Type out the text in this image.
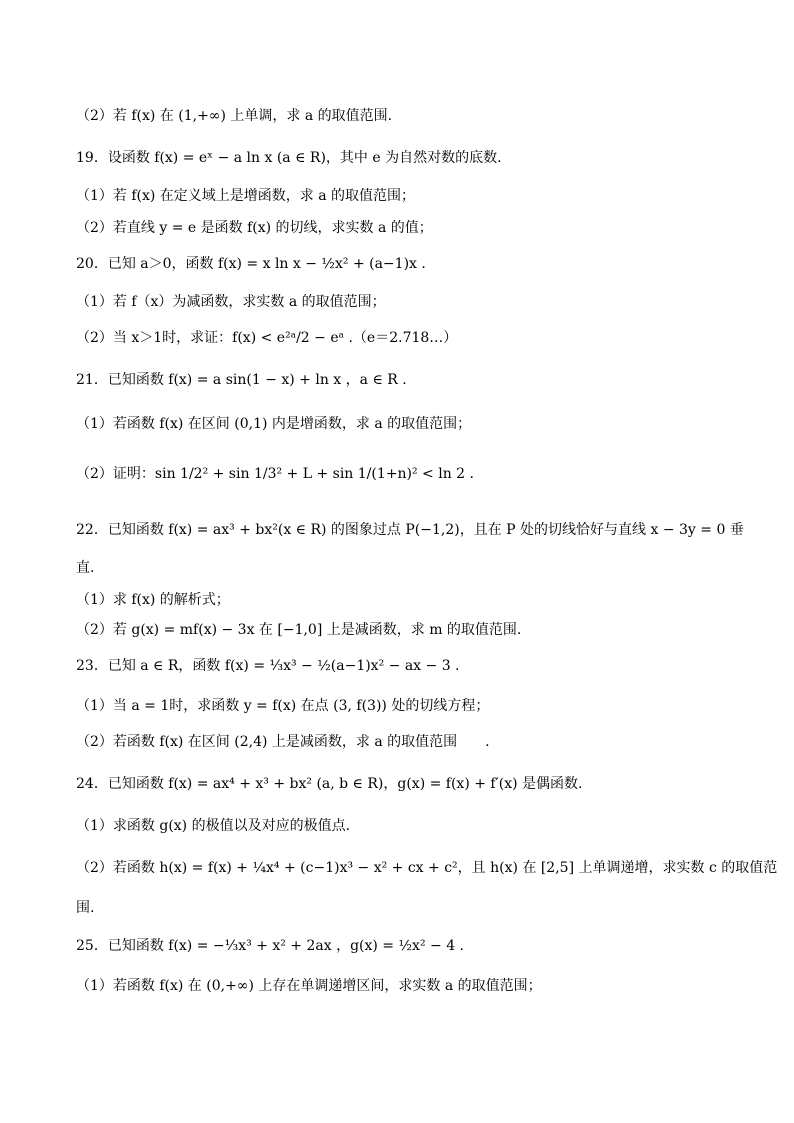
（2）若 f(x) 在 (1,+∞) 上单调，求 a 的取值范围.
19．设函数 f(x) = eˣ − a ln x (a ∈ R)，其中 e 为自然对数的底数.
（1）若 f(x) 在定义域上是增函数，求 a 的取值范围；
（2）若直线 y = e 是函数 f(x) 的切线，求实数 a 的值；
20．已知 a＞0，函数 f(x) = x ln x − ½x² + (a−1)x .
（1）若 f（x）为减函数，求实数 a 的取值范围；
（2）当 x＞1时，求证：f(x) < e²ᵃ/2 − eᵃ .（e＝2.718…）
21．已知函数 f(x) = a sin(1 − x) + ln x ，a ∈ R .
（1）若函数 f(x) 在区间 (0,1) 内是增函数，求 a 的取值范围；
（2）证明：sin 1/2² + sin 1/3² + L + sin 1/(1+n)² < ln 2 .
22．已知函数 f(x) = ax³ + bx²(x ∈ R) 的图象过点 P(−1,2)，且在 P 处的切线恰好与直线 x − 3y = 0 垂
直.
（1）求 f(x) 的解析式；
（2）若 g(x) = mf(x) − 3x 在 [−1,0] 上是减函数，求 m 的取值范围.
23．已知 a ∈ R，函数 f(x) = ⅓x³ − ½(a−1)x² − ax − 3 .
（1）当 a = 1时，求函数 y = f(x) 在点 (3, f(3)) 处的切线方程；
（2）若函数 f(x) 在区间 (2,4) 上是减函数，求 a 的取值范围　　.
24．已知函数 f(x) = ax⁴ + x³ + bx² (a, b ∈ R)，g(x) = f(x) + f′(x) 是偶函数.
（1）求函数 g(x) 的极值以及对应的极值点.
（2）若函数 h(x) = f(x) + ¼x⁴ + (c−1)x³ − x² + cx + c²，且 h(x) 在 [2,5] 上单调递增，求实数 c 的取值范
围.
25．已知函数 f(x) = −⅓x³ + x² + 2ax ，g(x) = ½x² − 4 .
（1）若函数 f(x) 在 (0,+∞) 上存在单调递增区间，求实数 a 的取值范围；
